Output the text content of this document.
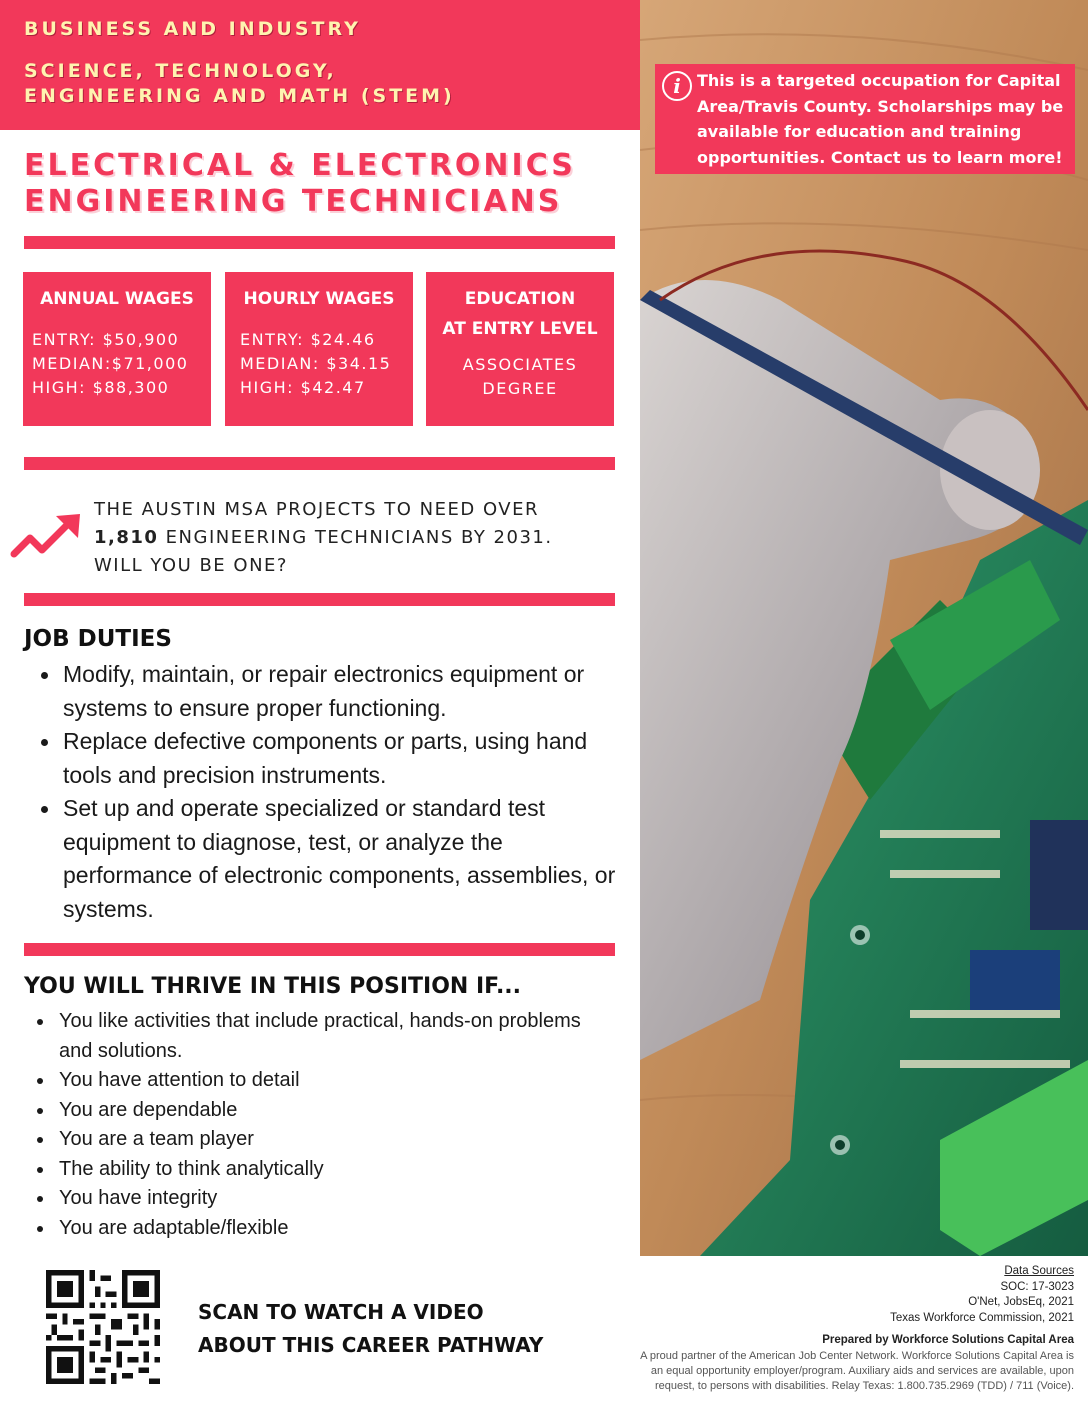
BUSINESS AND INDUSTRY
SCIENCE, TECHNOLOGY,
ENGINEERING AND MATH (STEM)
ELECTRICAL & ELECTRONICS
ENGINEERING TECHNICIANS
ANNUAL WAGES
ENTRY: $50,900
MEDIAN:$71,000
HIGH: $88,300
HOURLY WAGES
ENTRY: $24.46
MEDIAN: $34.15
HIGH: $42.47
EDUCATION
AT ENTRY LEVEL
ASSOCIATES
DEGREE
THE AUSTIN MSA PROJECTS TO NEED OVER
1,810 ENGINEERING TECHNICIANS BY 2031.
WILL YOU BE ONE?
JOB DUTIES
Modify, maintain, or repair electronics equipment or systems to ensure proper functioning.
Replace defective components or parts, using hand tools and precision instruments.
Set up and operate specialized or standard test equipment to diagnose, test, or analyze the performance of electronic components, assemblies, or systems.
YOU WILL THRIVE IN THIS POSITION IF...
You like activities that include practical, hands-on problems and solutions.
You have attention to detail
You are dependable
You are a team player
The ability to think analytically
You have integrity
You are adaptable/flexible
i	This is a targeted occupation for Capital Area/Travis County. Scholarships may be available for education and training opportunities. Contact us to learn more!
SCAN TO WATCH A VIDEO
ABOUT THIS CAREER PATHWAY
Data Sources
SOC: 17-3023
O'Net, JobsEq, 2021
Texas Workforce Commission, 2021
Prepared by Workforce Solutions Capital Area
A proud partner of the American Job Center Network. Workforce Solutions Capital Area is
an equal opportunity employer/program. Auxiliary aids and services are available, upon
request, to persons with disabilities. Relay Texas: 1.800.735.2969 (TDD) / 711 (Voice).
